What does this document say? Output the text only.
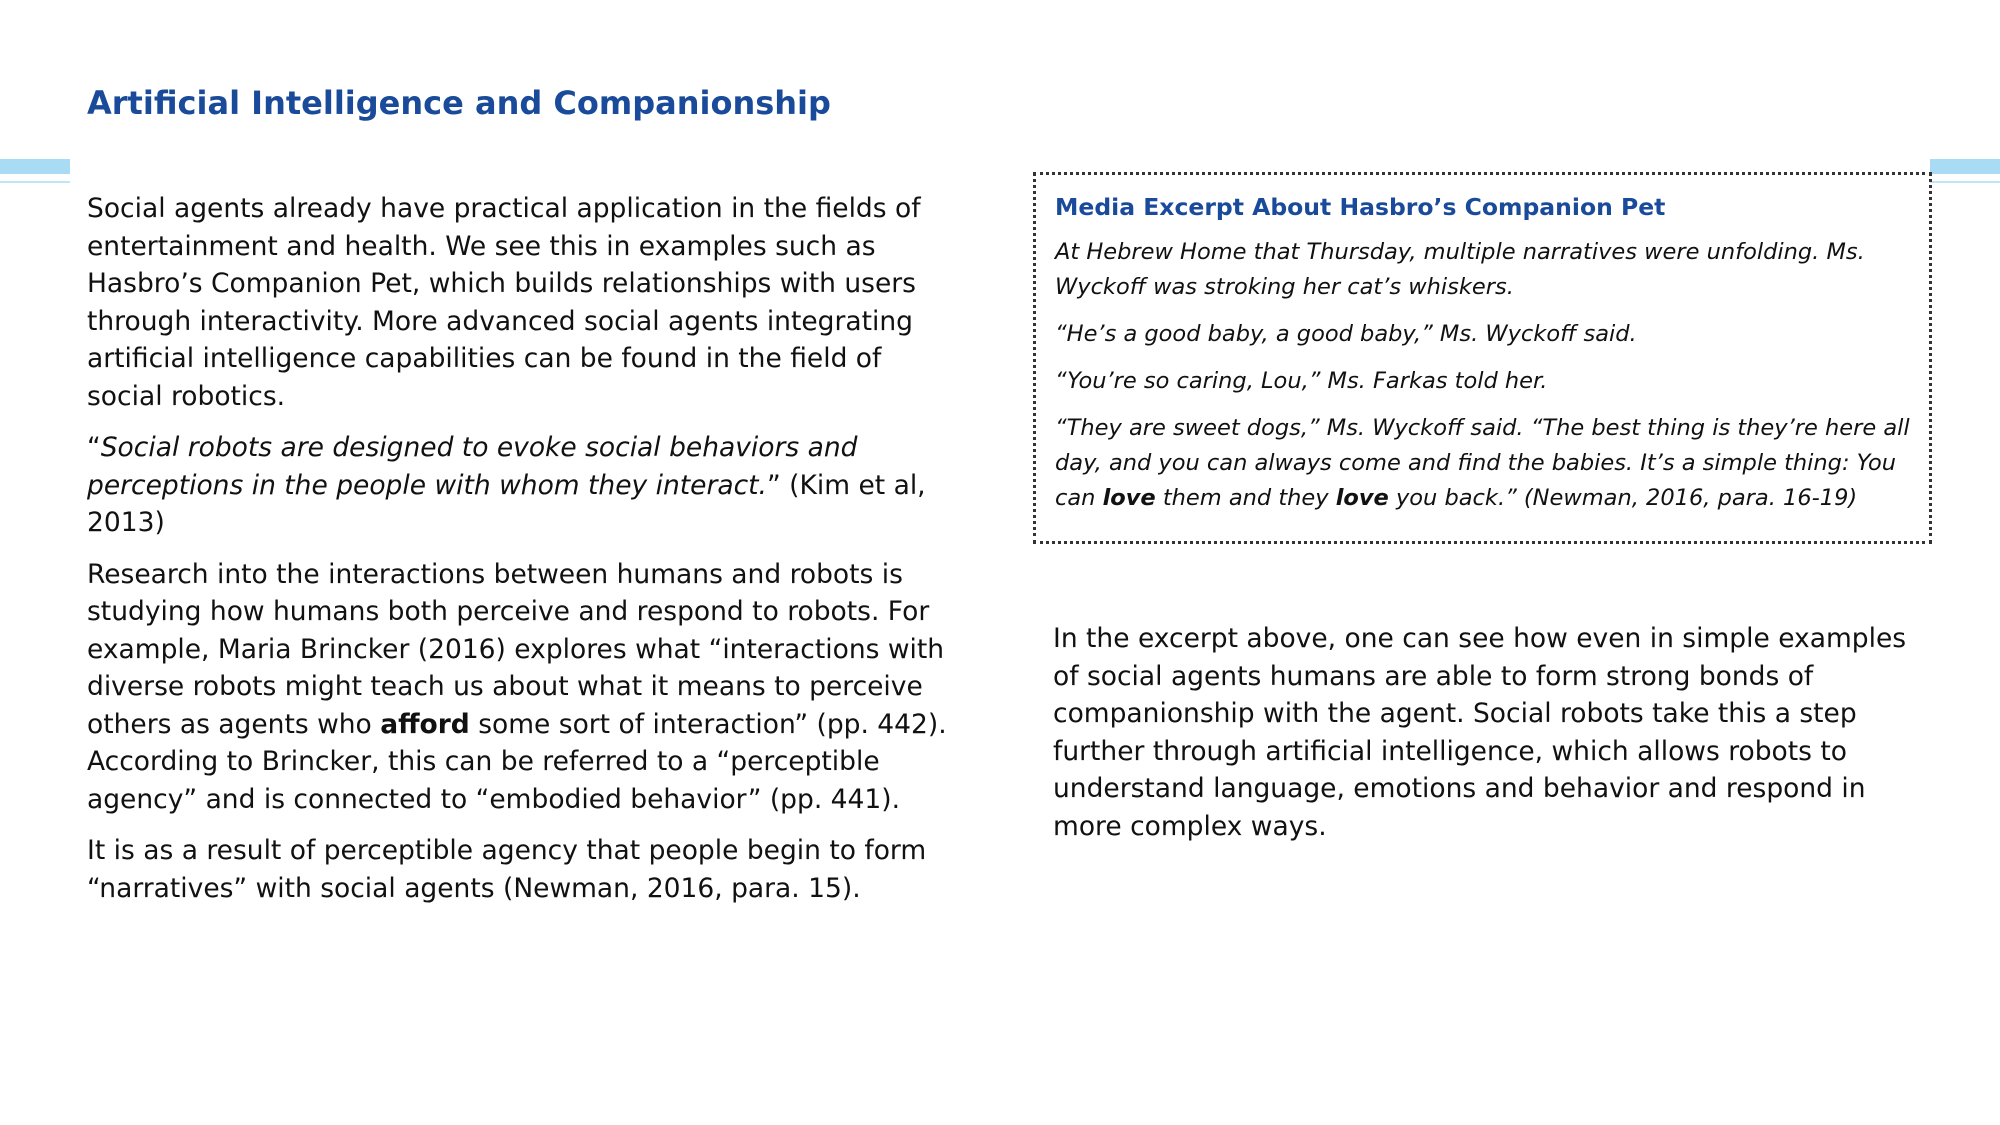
Artificial Intelligence and Companionship

Social agents already have practical application in the fields of entertainment and health. We see this in examples such as Hasbro’s Companion Pet, which builds relationships with users through interactivity. More advanced social agents integrating artificial intelligence capabilities can be found in the field of social robotics.

“Social robots are designed to evoke social behaviors and perceptions in the people with whom they interact.” (Kim et al, 2013)

Research into the interactions between humans and robots is studying how humans both perceive and respond to robots. For example, Maria Brincker (2016) explores what “interactions with diverse robots might teach us about what it means to perceive others as agents who afford some sort of interaction” (pp. 442). According to Brincker, this can be referred to a “perceptible agency” and is connected to “embodied behavior” (pp. 441).

It is as a result of perceptible agency that people begin to form “narratives” with social agents (Newman, 2016, para. 15).

Media Excerpt About Hasbro’s Companion Pet

At Hebrew Home that Thursday, multiple narratives were unfolding. Ms. Wyckoff was stroking her cat’s whiskers.

“He’s a good baby, a good baby,” Ms. Wyckoff said.

“You’re so caring, Lou,” Ms. Farkas told her.

“They are sweet dogs,” Ms. Wyckoff said. “The best thing is they’re here all day, and you can always come and find the babies. It’s a simple thing: You can love them and they love you back.” (Newman, 2016, para. 16-19)

In the excerpt above, one can see how even in simple examples of social agents humans are able to form strong bonds of companionship with the agent. Social robots take this a step further through artificial intelligence, which allows robots to understand language, emotions and behavior and respond in more complex ways.
